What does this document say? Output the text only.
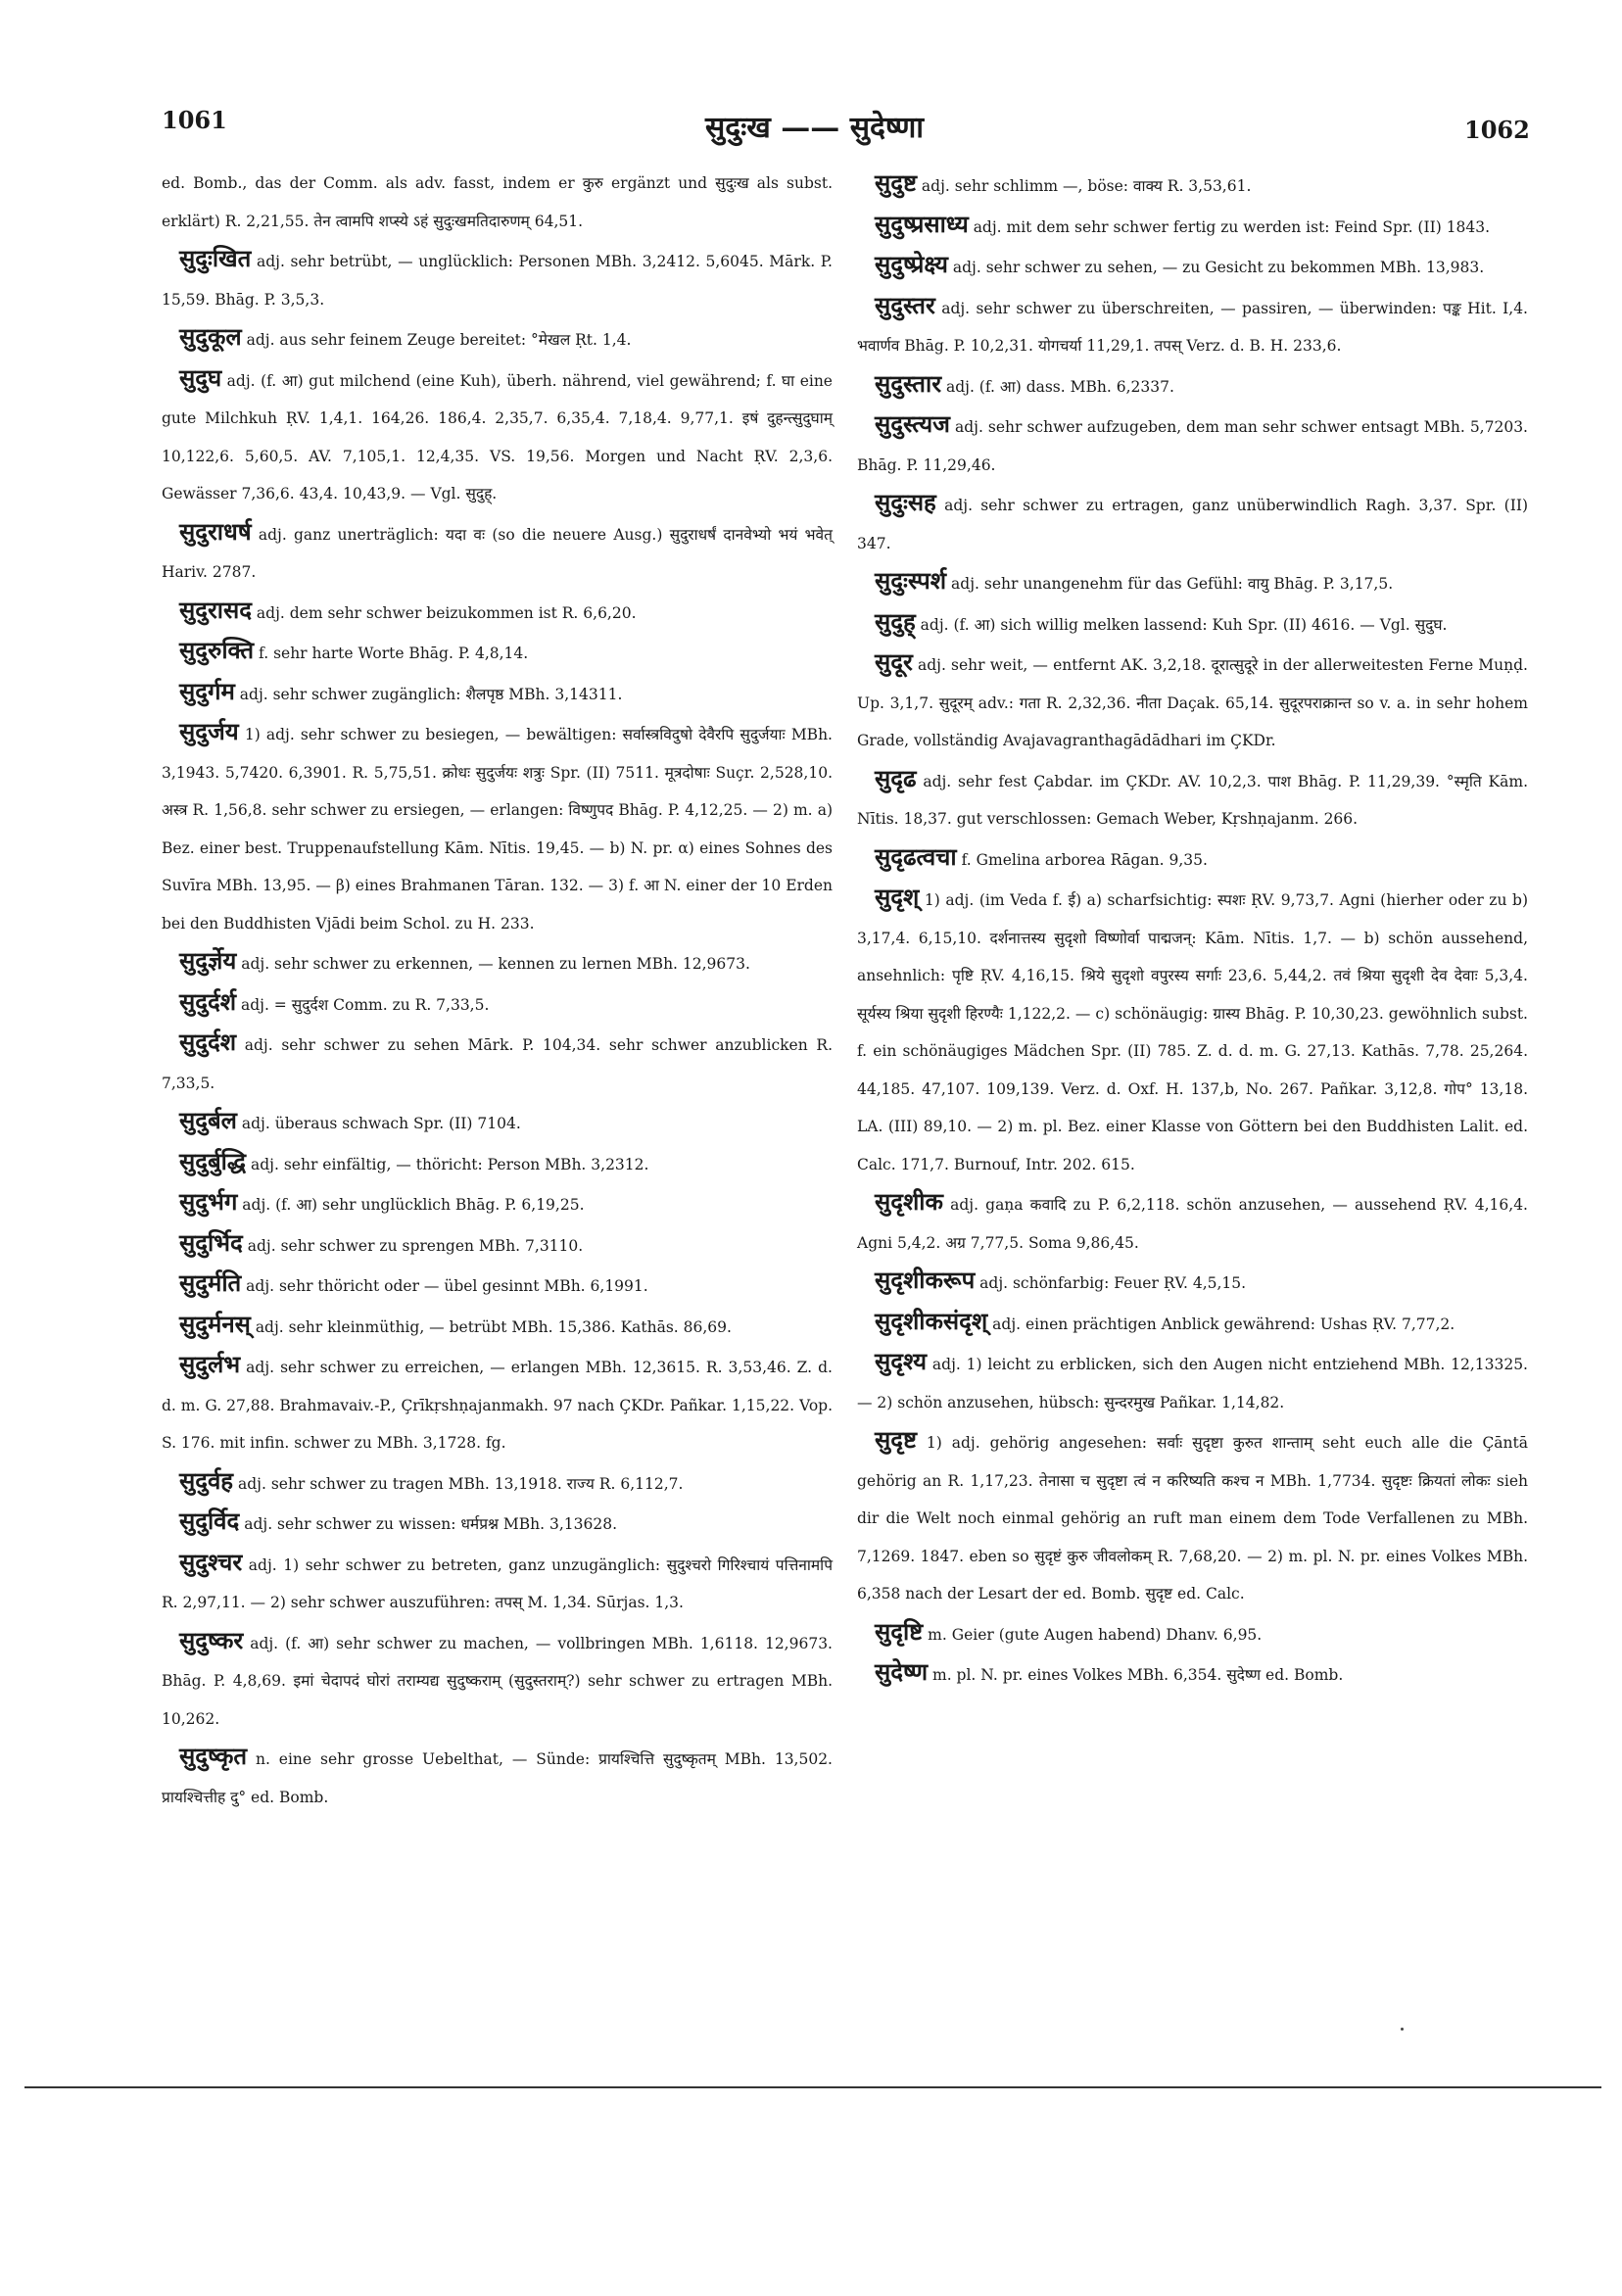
1061	सुदुःख —— सुदेष्णा	1062
ed. Bomb., das der Comm. als adv. fasst, indem er कुरु ergänzt und सुदुःख als subst. erklärt) R. 2,21,55. तेन त्वामपि शप्स्ये ऽहं सुदुःखमतिदारुणम् 64,51.
सुदुःखित adj. sehr betrübt, — unglücklich: Personen MBh. 3,2412. 5,6045. Mārk. P. 15,59. Bhāg. P. 3,5,3.
सुदुकूल adj. aus sehr feinem Zeuge bereitet: °मेखल Ṛt. 1,4.
सुदुघ adj. (f. आ) gut milchend (eine Kuh), überh. nährend, viel gewährend; f. घा eine gute Milchkuh ṚV. 1,4,1. 164,26. 186,4. 2,35,7. 6,35,4. 7,18,4. 9,77,1. इषं दुहन्त्सुदुघाम् 10,122,6. 5,60,5. AV. 7,105,1. 12,4,35. VS. 19,56. Morgen und Nacht ṚV. 2,3,6. Gewässer 7,36,6. 43,4. 10,43,9. — Vgl. सुदुह्.
सुदुराधर्ष adj. ganz unerträglich: यदा वः (so die neuere Ausg.) सुदुराधर्षं दानवेभ्यो भयं भवेत् Hariv. 2787.
सुदुरासद adj. dem sehr schwer beizukommen ist R. 6,6,20.
सुदुरुक्ति f. sehr harte Worte Bhāg. P. 4,8,14.
सुदुर्गम adj. sehr schwer zugänglich: शैलपृष्ठ MBh. 3,14311.
सुदुर्जय 1) adj. sehr schwer zu besiegen, — bewältigen: सर्वास्त्रविदुषो देवैरपि सुदुर्जयाः MBh. 3,1943. 5,7420. 6,3901. R. 5,75,51. क्रोधः सुदुर्जयः शत्रुः Spr. (II) 7511. मूत्रदोषाः Suçr. 2,528,10. अस्त्र R. 1,56,8. sehr schwer zu ersiegen, — erlangen: विष्णुपद Bhāg. P. 4,12,25. — 2) m. a) Bez. einer best. Truppenaufstellung Kām. Nītis. 19,45. — b) N. pr. α) eines Sohnes des Suvīra MBh. 13,95. — β) eines Brahmanen Tāran. 132. — 3) f. आ N. einer der 10 Erden bei den Buddhisten Vjādi beim Schol. zu H. 233.
सुदुर्ज्ञेय adj. sehr schwer zu erkennen, — kennen zu lernen MBh. 12,9673.
सुदुर्दर्श adj. = सुदुर्दश Comm. zu R. 7,33,5.
सुदुर्दश adj. sehr schwer zu sehen Mārk. P. 104,34. sehr schwer anzublicken R. 7,33,5.
सुदुर्बल adj. überaus schwach Spr. (II) 7104.
सुदुर्बुद्धि adj. sehr einfältig, — thöricht: Person MBh. 3,2312.
सुदुर्भग adj. (f. आ) sehr unglücklich Bhāg. P. 6,19,25.
सुदुर्भिद adj. sehr schwer zu sprengen MBh. 7,3110.
सुदुर्मति adj. sehr thöricht oder — übel gesinnt MBh. 6,1991.
सुदुर्मनस् adj. sehr kleinmüthig, — betrübt MBh. 15,386. Kathās. 86,69.
सुदुर्लभ adj. sehr schwer zu erreichen, — erlangen MBh. 12,3615. R. 3,53,46. Z. d. d. m. G. 27,88. Brahmavaiv.-P., Çrīkṛshṇajanmakh. 97 nach ÇKDr. Pañkar. 1,15,22. Vop. S. 176. mit infin. schwer zu MBh. 3,1728. fg.
सुदुर्वह adj. sehr schwer zu tragen MBh. 13,1918. राज्य R. 6,112,7.
सुदुर्विद adj. sehr schwer zu wissen: धर्मप्रश्न MBh. 3,13628.
सुदुश्चर adj. 1) sehr schwer zu betreten, ganz unzugänglich: सुदुश्चरो गिरिश्चायं पत्तिनामपि R. 2,97,11. — 2) sehr schwer auszuführen: तपस् M. 1,34. Sūrjas. 1,3.
सुदुष्कर adj. (f. आ) sehr schwer zu machen, — vollbringen MBh. 1,6118. 12,9673. Bhāg. P. 4,8,69. इमां चेदापदं घोरां तराम्यद्य सुदुष्कराम् (सुदुस्तराम्?) sehr schwer zu ertragen MBh. 10,262.
सुदुष्कृत n. eine sehr grosse Uebelthat, — Sünde: प्रायश्चित्ति सुदुष्कृतम् MBh. 13,502. प्रायश्चित्तीह दु° ed. Bomb.
सुदुष्ट adj. sehr schlimm —, böse: वाक्य R. 3,53,61.
सुदुष्प्रसाध्य adj. mit dem sehr schwer fertig zu werden ist: Feind Spr. (II) 1843.
सुदुष्प्रेक्ष्य adj. sehr schwer zu sehen, — zu Gesicht zu bekommen MBh. 13,983.
सुदुस्तर adj. sehr schwer zu überschreiten, — passiren, — überwinden: पङ्क Hit. I,4. भवार्णव Bhāg. P. 10,2,31. योगचर्या 11,29,1. तपस् Verz. d. B. H. 233,6.
सुदुस्तार adj. (f. आ) dass. MBh. 6,2337.
सुदुस्त्यज adj. sehr schwer aufzugeben, dem man sehr schwer entsagt MBh. 5,7203. Bhāg. P. 11,29,46.
सुदुःसह adj. sehr schwer zu ertragen, ganz unüberwindlich Ragh. 3,37. Spr. (II) 347.
सुदुःस्पर्श adj. sehr unangenehm für das Gefühl: वायु Bhāg. P. 3,17,5.
सुदुह् adj. (f. आ) sich willig melken lassend: Kuh Spr. (II) 4616. — Vgl. सुदुघ.
सुदूर adj. sehr weit, — entfernt AK. 3,2,18. दूरात्सुदूरे in der allerweitesten Ferne Muṇḍ. Up. 3,1,7. सुदूरम् adv.: गता R. 2,32,36. नीता Daçak. 65,14. सुदूरपराक्रान्त so v. a. in sehr hohem Grade, vollständig Avajavagranthagādādhari im ÇKDr.
सुदृढ adj. sehr fest Çabdar. im ÇKDr. AV. 10,2,3. पाश Bhāg. P. 11,29,39. °स्मृति Kām. Nītis. 18,37. gut verschlossen: Gemach Weber, Kṛshṇajanm. 266.
सुदृढत्वचा f. Gmelina arborea Rāgan. 9,35.
सुदृश् 1) adj. (im Veda f. ई) a) scharfsichtig: स्पशः ṚV. 9,73,7. Agni (hierher oder zu b) 3,17,4. 6,15,10. दर्शनात्तस्य सुदृशो विष्णोर्वा पाद्मजन्: Kām. Nītis. 1,7. — b) schön aussehend, ansehnlich: पृष्टि ṚV. 4,16,15. श्रिये सुदृशो वपुरस्य सर्गाः 23,6. 5,44,2. तवं श्रिया सुदृशी देव देवाः 5,3,4. सूर्यस्य श्रिया सुदृशी हिरण्यैः 1,122,2. — c) schönäugig: ग्रास्य Bhāg. P. 10,30,23. gewöhnlich subst. f. ein schönäugiges Mädchen Spr. (II) 785. Z. d. d. m. G. 27,13. Kathās. 7,78. 25,264. 44,185. 47,107. 109,139. Verz. d. Oxf. H. 137,b, No. 267. Pañkar. 3,12,8. गोप° 13,18. LA. (III) 89,10. — 2) m. pl. Bez. einer Klasse von Göttern bei den Buddhisten Lalit. ed. Calc. 171,7. Burnouf, Intr. 202. 615.
सुदृशीक adj. gaṇa कवादि zu P. 6,2,118. schön anzusehen, — aussehend ṚV. 4,16,4. Agni 5,4,2. अग्र 7,77,5. Soma 9,86,45.
सुदृशीकरूप adj. schönfarbig: Feuer ṚV. 4,5,15.
सुदृशीकसंदृश् adj. einen prächtigen Anblick gewährend: Ushas ṚV. 7,77,2.
सुदृश्य adj. 1) leicht zu erblicken, sich den Augen nicht entziehend MBh. 12,13325. — 2) schön anzusehen, hübsch: सुन्दरमुख Pañkar. 1,14,82.
सुदृष्ट 1) adj. gehörig angesehen: सर्वाः सुदृष्टा कुरुत शान्ताम् seht euch alle die Çāntā gehörig an R. 1,17,23. तेनासा च सुदृष्टा त्वं न करिष्यति कश्च न MBh. 1,7734. सुदृष्टः क्रियतां लोकः sieh dir die Welt noch einmal gehörig an ruft man einem dem Tode Verfallenen zu MBh. 7,1269. 1847. eben so सुदृष्टं कुरु जीवलोकम् R. 7,68,20. — 2) m. pl. N. pr. eines Volkes MBh. 6,358 nach der Lesart der ed. Bomb. सुदृष्ट ed. Calc.
सुदृष्टि m. Geier (gute Augen habend) Dhanv. 6,95.
सुदेष्ण m. pl. N. pr. eines Volkes MBh. 6,354. सुदेष्ण ed. Bomb.
